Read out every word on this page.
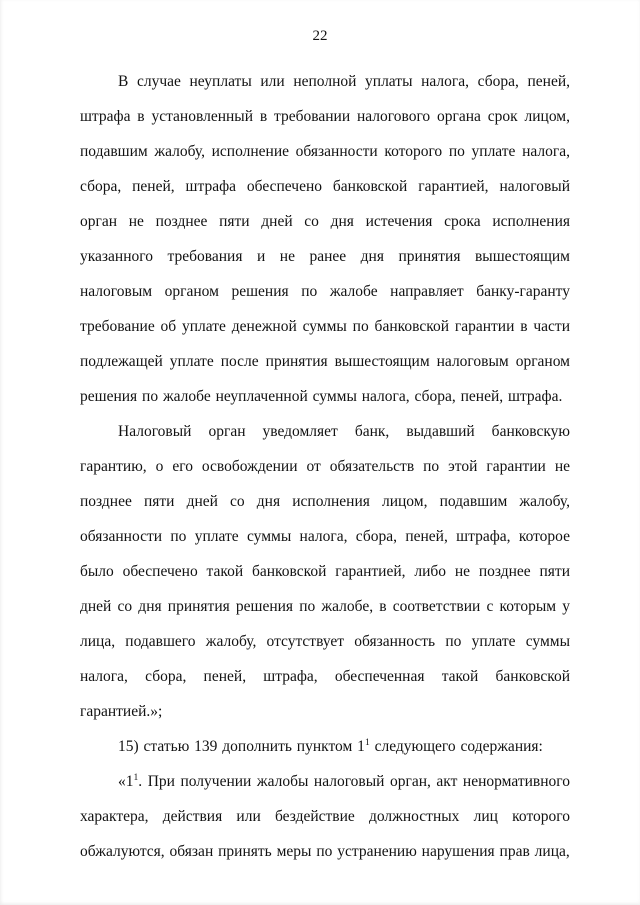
22

В случае неуплаты или неполной уплаты налога, сбора, пеней, штрафа в установленный в требовании налогового органа срок лицом, подавшим жалобу, исполнение обязанности которого по уплате налога, сбора, пеней, штрафа обеспечено банковской гарантией, налоговый орган не позднее пяти дней со дня истечения срока исполнения указанного требования и не ранее дня принятия вышестоящим налоговым органом решения по жалобе направляет банку-гаранту требование об уплате денежной суммы по банковской гарантии в части подлежащей уплате после принятия вышестоящим налоговым органом решения по жалобе неуплаченной суммы налога, сбора, пеней, штрафа.

Налоговый орган уведомляет банк, выдавший банковскую гарантию, о его освобождении от обязательств по этой гарантии не позднее пяти дней со дня исполнения лицом, подавшим жалобу, обязанности по уплате суммы налога, сбора, пеней, штрафа, которое было обеспечено такой банковской гарантией, либо не позднее пяти дней со дня принятия решения по жалобе, в соответствии с которым у лица, подавшего жалобу, отсутствует обязанность по уплате суммы налога, сбора, пеней, штрафа, обеспеченная такой банковской гарантией.»;

15) статью 139 дополнить пунктом $1^1$ следующего содержания:

«$1^1$. При получении жалобы налоговый орган, акт ненормативного характера, действия или бездействие должностных лиц которого обжалуются, обязан принять меры по устранению нарушения прав лица,
